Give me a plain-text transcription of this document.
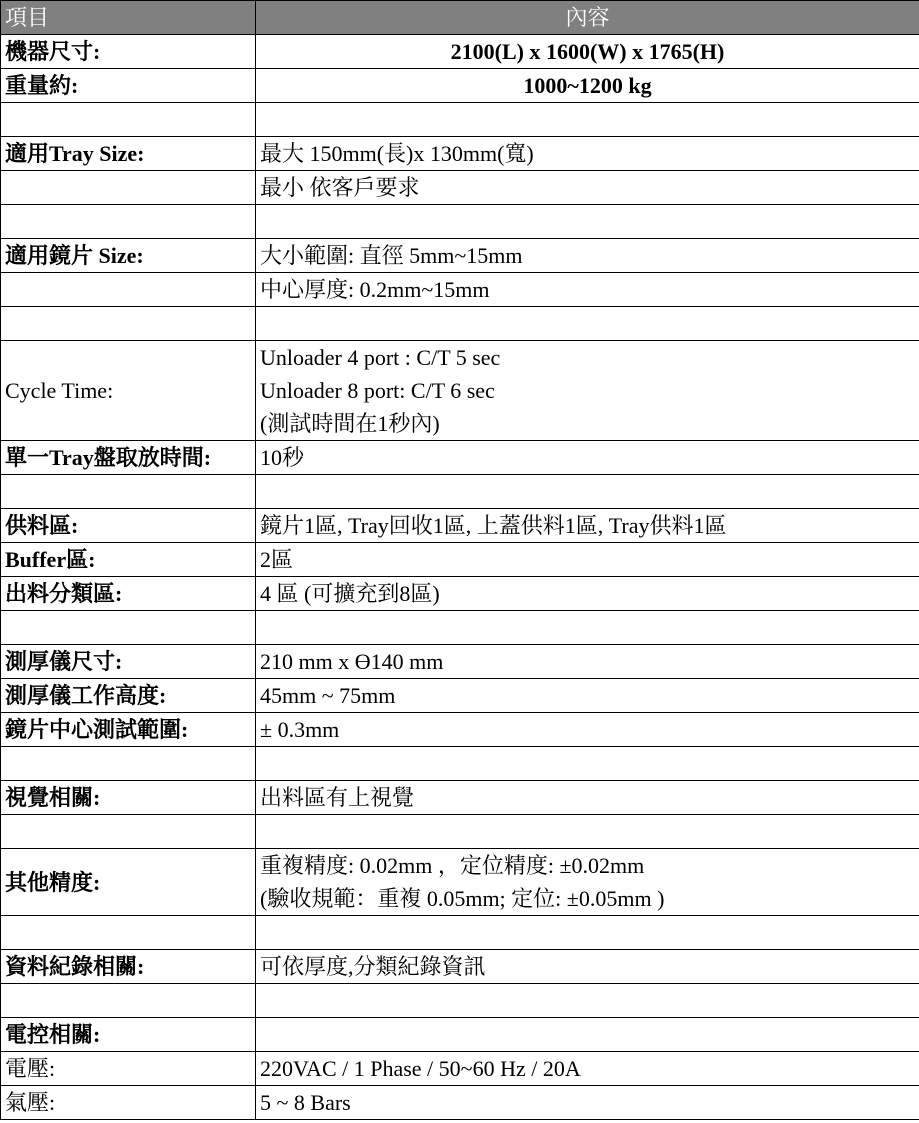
項目	內容
機器尺寸:	2100(L) x 1600(W) x 1765(H)
重量約:	1000~1200 kg

適用Tray Size:	最大 150mm(長)x 130mm(寬)
	最小 依客戶要求

適用鏡片 Size:	大小範圍: 直徑 5mm~15mm
	中心厚度: 0.2mm~15mm

Cycle Time:	Unloader 4 port : C/T 5 sec
Unloader 8 port: C/T 6 sec
(測試時間在1秒內)

單一Tray盤取放時間:	10秒

供料區:	鏡片1區, Tray回收1區, 上蓋供料1區, Tray供料1區
Buffer區:	2區
出料分類區:	4 區 (可擴充到8區)

測厚儀尺寸:	210 mm x ϴ140 mm
測厚儀工作高度:	45mm ~ 75mm
鏡片中心測試範圍:	± 0.3mm

視覺相關:	出料區有上視覺

其他精度:	重複精度: 0.02mm ，定位精度: ±0.02mm
(驗收規範：重複 0.05mm; 定位: ±0.05mm )

資料紀錄相關:	可依厚度,分類紀錄資訊

電控相關:	
電壓:	220VAC / 1 Phase / 50~60 Hz / 20A
氣壓:	5 ~ 8 Bars
